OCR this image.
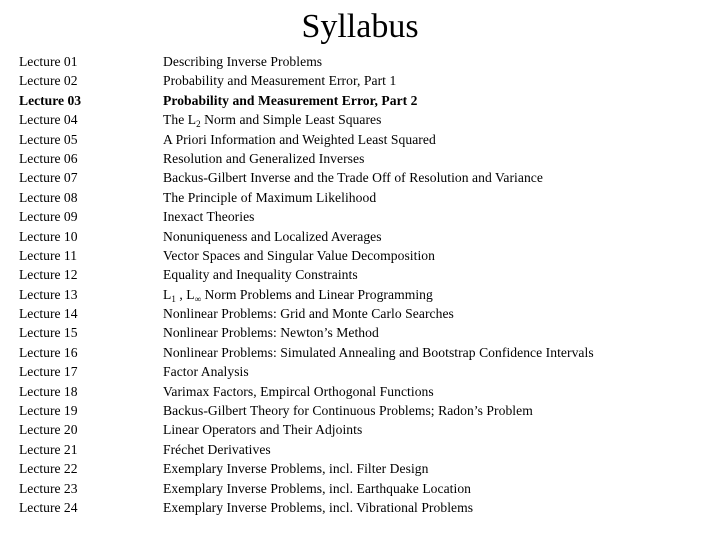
Syllabus
Lecture 01	Describing Inverse Problems
Lecture 02	Probability and Measurement Error, Part 1
Lecture 03	Probability and Measurement Error, Part 2
Lecture 04	The $L_2$ Norm and Simple Least Squares
Lecture 05	A Priori Information and Weighted Least Squared
Lecture 06	Resolution and Generalized Inverses
Lecture 07	Backus-Gilbert Inverse and the Trade Off of Resolution and Variance
Lecture 08	The Principle of Maximum Likelihood
Lecture 09	Inexact Theories
Lecture 10	Nonuniqueness and Localized Averages
Lecture 11	Vector Spaces and Singular Value Decomposition
Lecture 12	Equality and Inequality Constraints
Lecture 13	$L_1$ , $L_\infty$ Norm Problems and Linear Programming
Lecture 14	Nonlinear Problems: Grid and Monte Carlo Searches
Lecture 15	Nonlinear Problems: Newton’s Method
Lecture 16	Nonlinear Problems: Simulated Annealing and Bootstrap Confidence Intervals
Lecture 17	Factor Analysis
Lecture 18	Varimax Factors, Empircal Orthogonal Functions
Lecture 19	Backus-Gilbert Theory for Continuous Problems; Radon’s Problem
Lecture 20	Linear Operators and Their Adjoints
Lecture 21	Fréchet Derivatives
Lecture 22	Exemplary Inverse Problems, incl. Filter Design
Lecture 23	Exemplary Inverse Problems, incl. Earthquake Location
Lecture 24	Exemplary Inverse Problems, incl. Vibrational Problems
